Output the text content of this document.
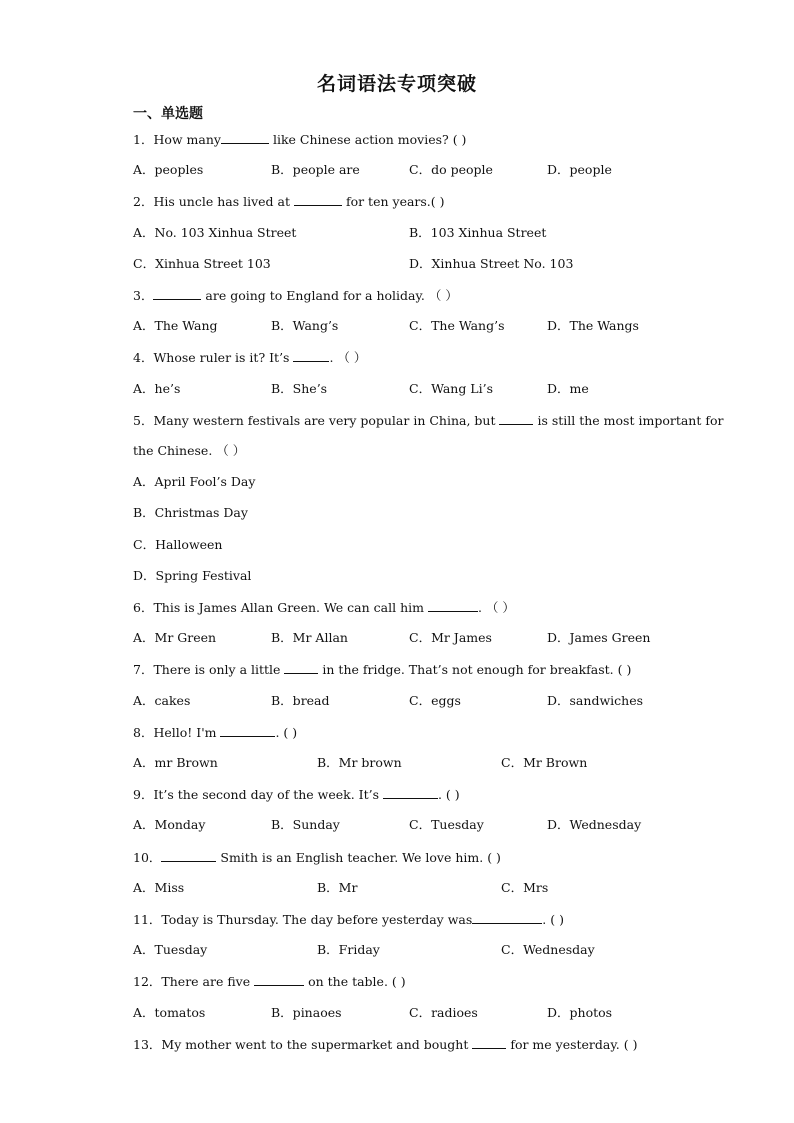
名词语法专项突破
一、单选题
1．How many	like Chinese action movies? ( )
A．peoples	B．people are	C．do people	D．people
2．His uncle has lived at	for ten years.( )
A．No. 103 Xinhua Street	B．103 Xinhua Street
C．Xinhua Street 103	D．Xinhua Street No. 103
3．	are going to England for a holiday. （ ）
A．The Wang	B．Wang’s	C．The Wang’s	D．The Wangs
4．Whose ruler is it? It’s	. （ ）
A．he’s	B．She’s	C．Wang Li’s	D．me
5．Many western festivals are very popular in China, but	is still the most important for
the Chinese. （ ）
A．April Fool’s Day
B．Christmas Day
C．Halloween
D．Spring Festival
6．This is James Allan Green. We can call him	. （ ）
A．Mr Green	B．Mr Allan	C．Mr James	D．James Green
7．There is only a little	in the fridge. That’s not enough for breakfast. ( )
A．cakes	B．bread	C．eggs	D．sandwiches
8．Hello! I'm	. ( )
A．mr Brown	B．Mr brown	C．Mr Brown
9．It’s the second day of the week. It’s	. ( )
A．Monday	B．Sunday	C．Tuesday	D．Wednesday
10．	Smith is an English teacher. We love him. ( )
A．Miss	B．Mr	C．Mrs
11．Today is Thursday. The day before yesterday was	. ( )
A．Tuesday	B．Friday	C．Wednesday
12．There are five	on the table. ( )
A．tomatos	B．pinaoes	C．radioes	D．photos
13．My mother went to the supermarket and bought	for me yesterday. ( )
